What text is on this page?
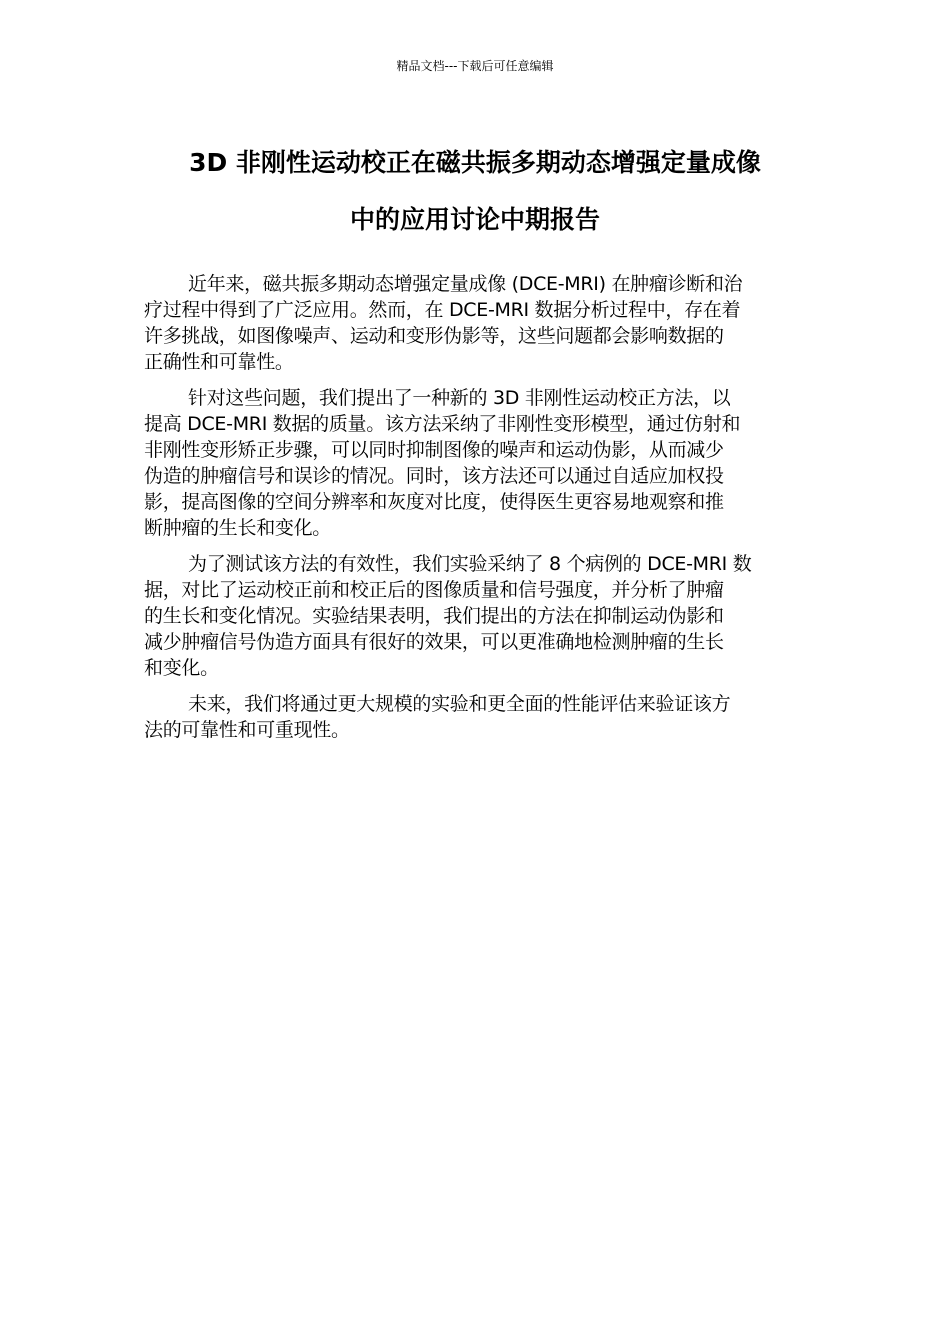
精品文档---下载后可任意编辑
3D 非刚性运动校正在磁共振多期动态增强定量成像
中的应用讨论中期报告

近年来，磁共振多期动态增强定量成像 (DCE-MRI) 在肿瘤诊断和治
疗过程中得到了广泛应用。然而，在 DCE-MRI 数据分析过程中，存在着
许多挑战，如图像噪声、运动和变形伪影等，这些问题都会影响数据的
正确性和可靠性。

针对这些问题，我们提出了一种新的 3D 非刚性运动校正方法，以
提高 DCE-MRI 数据的质量。该方法采纳了非刚性变形模型，通过仿射和
非刚性变形矫正步骤，可以同时抑制图像的噪声和运动伪影，从而减少
伪造的肿瘤信号和误诊的情况。同时，该方法还可以通过自适应加权投
影，提高图像的空间分辨率和灰度对比度，使得医生更容易地观察和推
断肿瘤的生长和变化。

为了测试该方法的有效性，我们实验采纳了 8 个病例的 DCE-MRI 数
据，对比了运动校正前和校正后的图像质量和信号强度，并分析了肿瘤
的生长和变化情况。实验结果表明，我们提出的方法在抑制运动伪影和
减少肿瘤信号伪造方面具有很好的效果，可以更准确地检测肿瘤的生长
和变化。

未来，我们将通过更大规模的实验和更全面的性能评估来验证该方
法的可靠性和可重现性。
